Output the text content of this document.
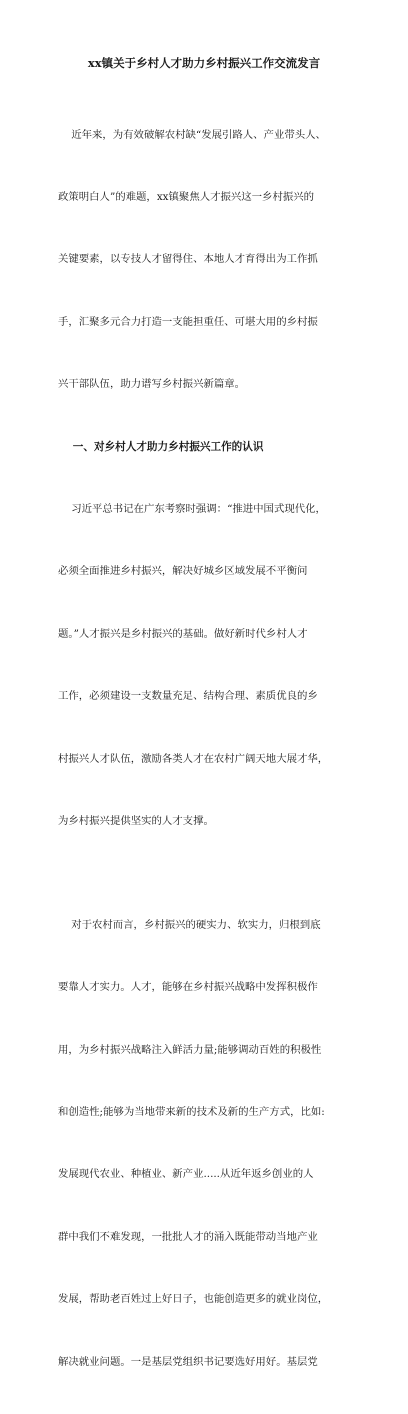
xx镇关于乡村人才助力乡村振兴工作交流发言

近年来，为有效破解农村缺“发展引路人、产业带头人、

政策明白人”的难题，xx镇聚焦人才振兴这一乡村振兴的

关键要素，以专技人才留得住、本地人才育得出为工作抓

手，汇聚多元合力打造一支能担重任、可堪大用的乡村振

兴干部队伍，助力谱写乡村振兴新篇章。

一、对乡村人才助力乡村振兴工作的认识

习近平总书记在广东考察时强调：“推进中国式现代化，

必须全面推进乡村振兴，解决好城乡区域发展不平衡问

题。”人才振兴是乡村振兴的基础。做好新时代乡村人才

工作，必须建设一支数量充足、结构合理、素质优良的乡

村振兴人才队伍，激励各类人才在农村广阔天地大展才华，

为乡村振兴提供坚实的人才支撑。

对于农村而言，乡村振兴的硬实力、软实力，归根到底

要靠人才实力。人才，能够在乡村振兴战略中发挥积极作

用，为乡村振兴战略注入鲜活力量;能够调动百姓的积极性

和创造性;能够为当地带来新的技术及新的生产方式，比如:

发展现代农业、种植业、新产业.....从近年返乡创业的人

群中我们不难发现，一批批人才的涌入既能带动当地产业

发展，帮助老百姓过上好日子，也能创造更多的就业岗位，

解决就业问题。一是基层党组织书记要选好用好。基层党
